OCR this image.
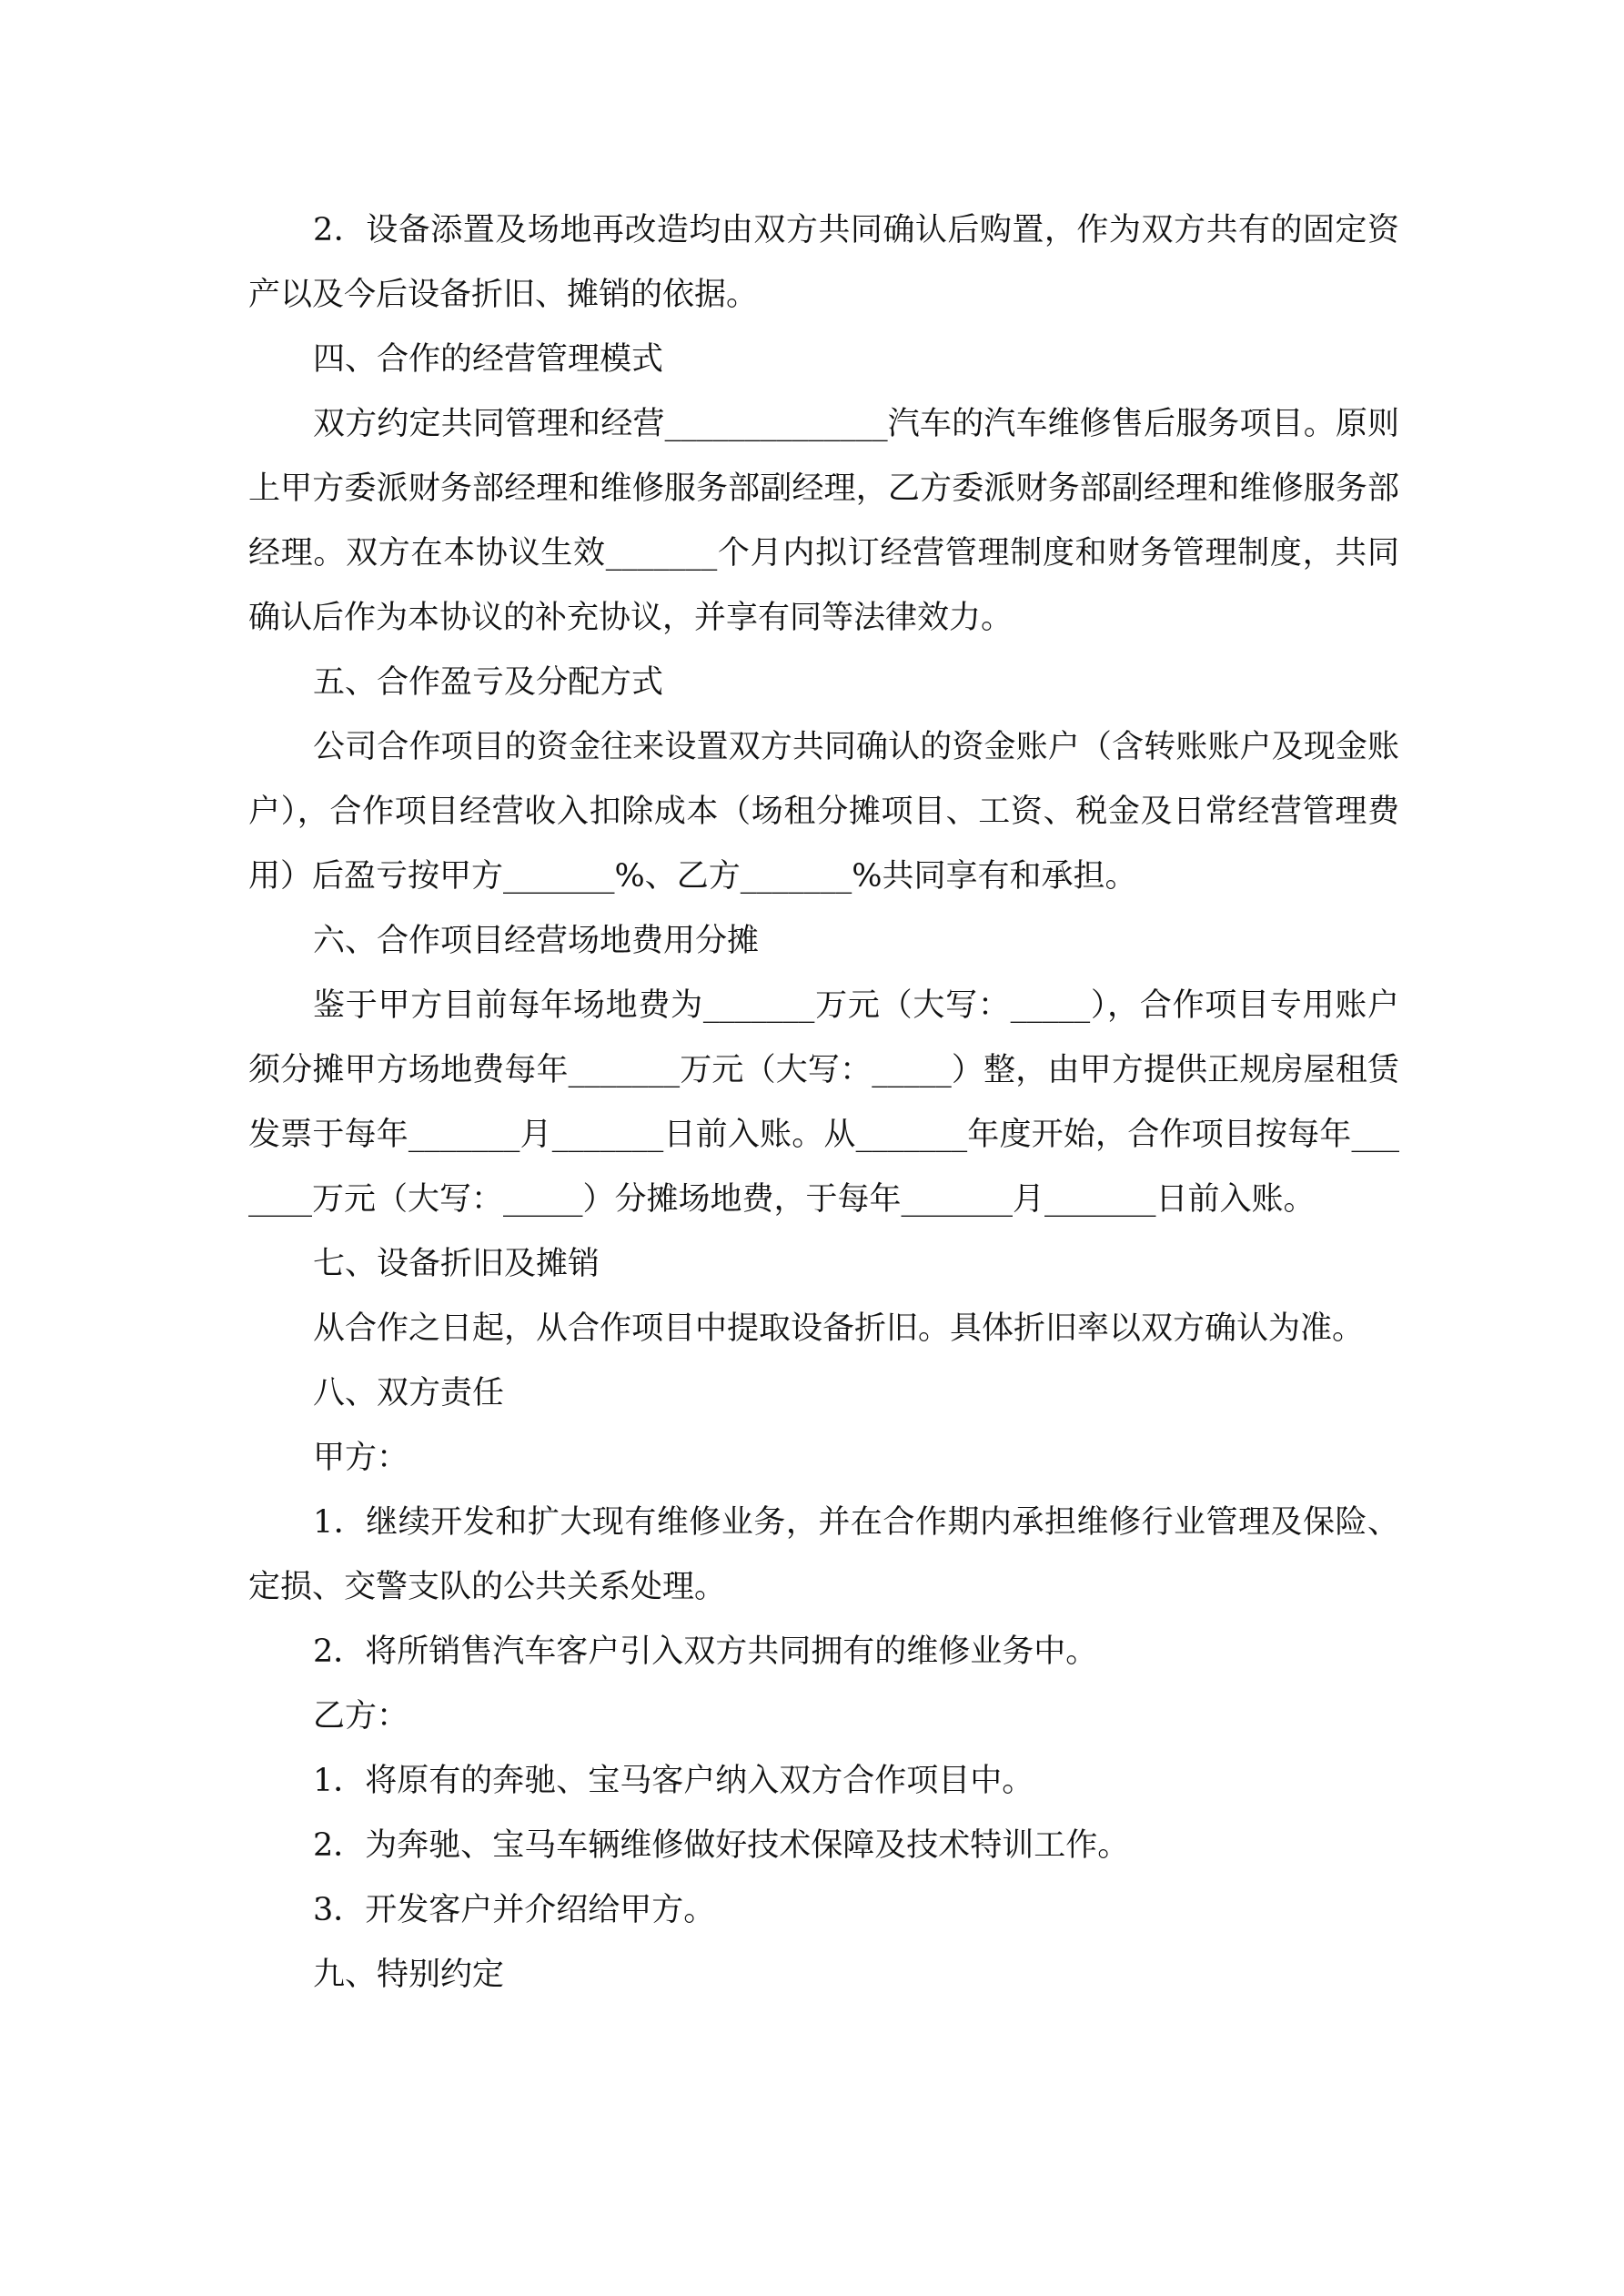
2．设备添置及场地再改造均由双方共同确认后购置，作为双方共有的固定资产以及今后设备折旧、摊销的依据。

四、合作的经营管理模式

双方约定共同管理和经营______________汽车的汽车维修售后服务项目。原则上甲方委派财务部经理和维修服务部副经理，乙方委派财务部副经理和维修服务部经理。双方在本协议生效_______个月内拟订经营管理制度和财务管理制度，共同确认后作为本协议的补充协议，并享有同等法律效力。

五、合作盈亏及分配方式

公司合作项目的资金往来设置双方共同确认的资金账户（含转账账户及现金账户），合作项目经营收入扣除成本（场租分摊项目、工资、税金及日常经营管理费用）后盈亏按甲方_______%、乙方_______%共同享有和承担。

六、合作项目经营场地费用分摊

鉴于甲方目前每年场地费为_______万元（大写：_____），合作项目专用账户须分摊甲方场地费每年_______万元（大写：_____）整，由甲方提供正规房屋租赁发票于每年_______月_______日前入账。从_______年度开始，合作项目按每年_______万元（大写：_____）分摊场地费，于每年_______月_______日前入账。

七、设备折旧及摊销

从合作之日起，从合作项目中提取设备折旧。具体折旧率以双方确认为准。

八、双方责任

甲方：

1．继续开发和扩大现有维修业务，并在合作期内承担维修行业管理及保险、定损、交警支队的公共关系处理。

2．将所销售汽车客户引入双方共同拥有的维修业务中。

乙方：

1．将原有的奔驰、宝马客户纳入双方合作项目中。

2．为奔驰、宝马车辆维修做好技术保障及技术特训工作。

3．开发客户并介绍给甲方。

九、特别约定
